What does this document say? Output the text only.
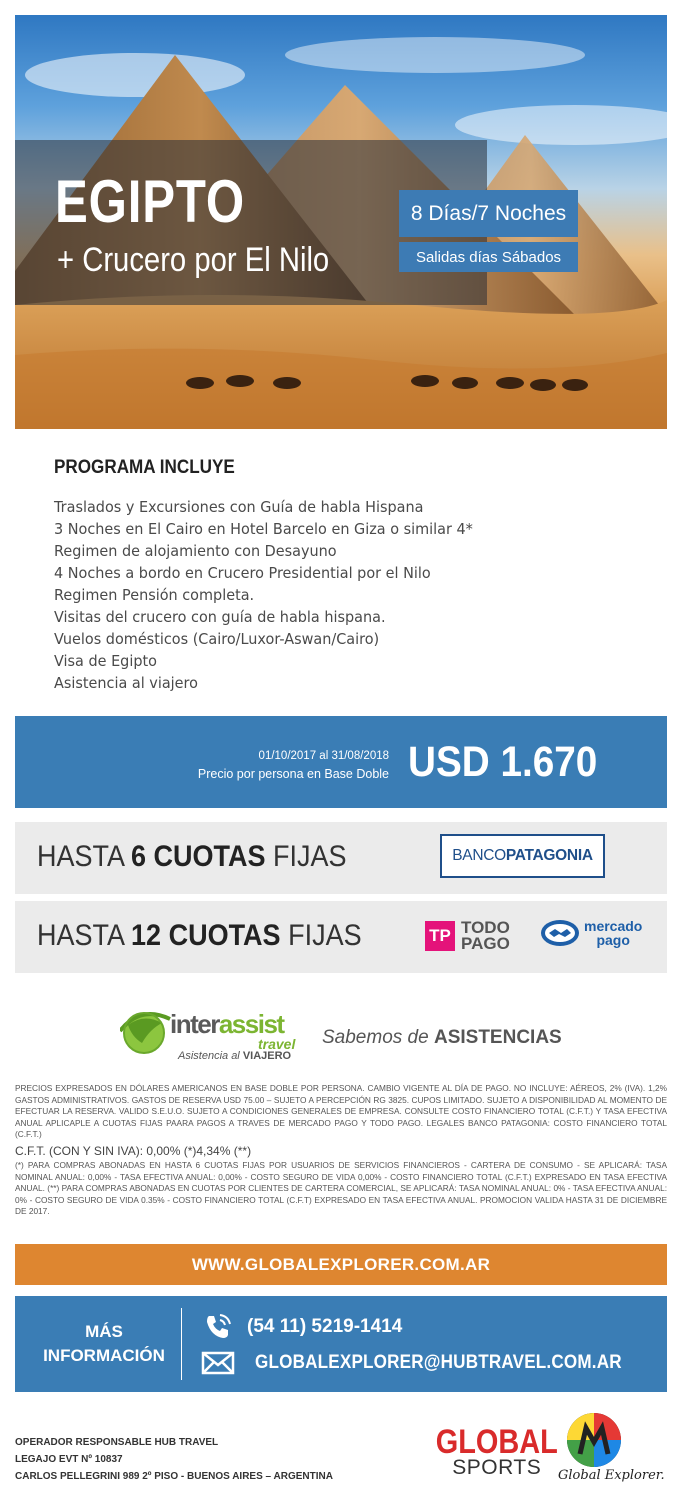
EGIPTO
+ Crucero por El Nilo
8 Días/7 Noches
Salidas días Sábados
PROGRAMA INCLUYE
Traslados y Excursiones con Guía de habla Hispana
3 Noches en El Cairo en Hotel Barcelo en Giza o similar 4*
Regimen de alojamiento con Desayuno
4 Noches a bordo en Crucero Presidential por el Nilo
Regimen Pensión completa.
Visitas del crucero con guía de habla hispana.
Vuelos domésticos (Cairo/Luxor-Aswan/Cairo)
Visa de Egipto
Asistencia al viajero
01/10/2017 al 31/08/2018
Precio por persona en Base Doble USD 1.670
HASTA 6 CUOTAS FIJAS	BANCO PATAGONIA
HASTA 12 CUOTAS FIJAS	TP TODO
PAGO
mercado
pago
interassist
travel
Asistencia al VIAJERO
Sabemos de ASISTENCIAS
PRECIOS EXPRESADOS EN DÓLARES AMERICANOS EN BASE DOBLE POR PERSONA. CAMBIO VIGENTE AL DÍA DE PAGO. NO INCLUYE: AÉREOS, 2% (IVA). 1,2% GASTOS ADMINISTRATIVOS. GASTOS DE RESERVA USD 75.00 – SUJETO A PERCEPCIÓN RG 3825. CUPOS LIMITADO. SUJETO A DISPONIBILIDAD AL MOMENTO DE EFECTUAR LA RESERVA. VALIDO S.E.U.O. SUJETO A CONDICIONES GENERALES DE EMPRESA. CONSULTE COSTO FINANCIERO TOTAL (C.F.T.) Y TASA EFECTIVA ANUAL APLICAPLE A CUOTAS FIJAS PAARA PAGOS A TRAVES DE MERCADO PAGO Y TODO PAGO. LEGALES BANCO PATAGONIA: COSTO FINANCIERO TOTAL (C.F.T.)
C.F.T. (CON Y SIN IVA): 0,00% (*)4,34% (**)
(*) PARA COMPRAS ABONADAS EN HASTA 6 CUOTAS FIJAS POR USUARIOS DE SERVICIOS FINANCIEROS - CARTERA DE CONSUMO - SE APLICARÁ: TASA NOMINAL ANUAL: 0,00% - TASA EFECTIVA ANUAL: 0,00% - COSTO SEGURO DE VIDA 0,00% - COSTO FINANCIERO TOTAL (C.F.T.) EXPRESADO EN TASA EFECTIVA ANUAL. (**) PARA COMPRAS ABONADAS EN CUOTAS POR CLIENTES DE CARTERA COMERCIAL, SE APLICARÁ: TASA NOMINAL ANUAL: 0% - TASA EFECTIVA ANUAL: 0% - COSTO SEGURO DE VIDA 0.35% - COSTO FINANCIERO TOTAL (C.F.T) EXPRESADO EN TASA EFECTIVA ANUAL. PROMOCION VALIDA HASTA 31 DE DICIEMBRE DE 2017.
WWW.GLOBALEXPLORER.COM.AR
MÁS
INFORMACIÓN
(54 11) 5219-1414
GLOBALEXPLORER@HUBTRAVEL.COM.AR
OPERADOR RESPONSABLE HUB TRAVEL
LEGAJO EVT Nº 10837
CARLOS PELLEGRINI 989 2º PISO - BUENOS AIRES – ARGENTINA
GLOBAL
SPORTS	Global Explorer.
